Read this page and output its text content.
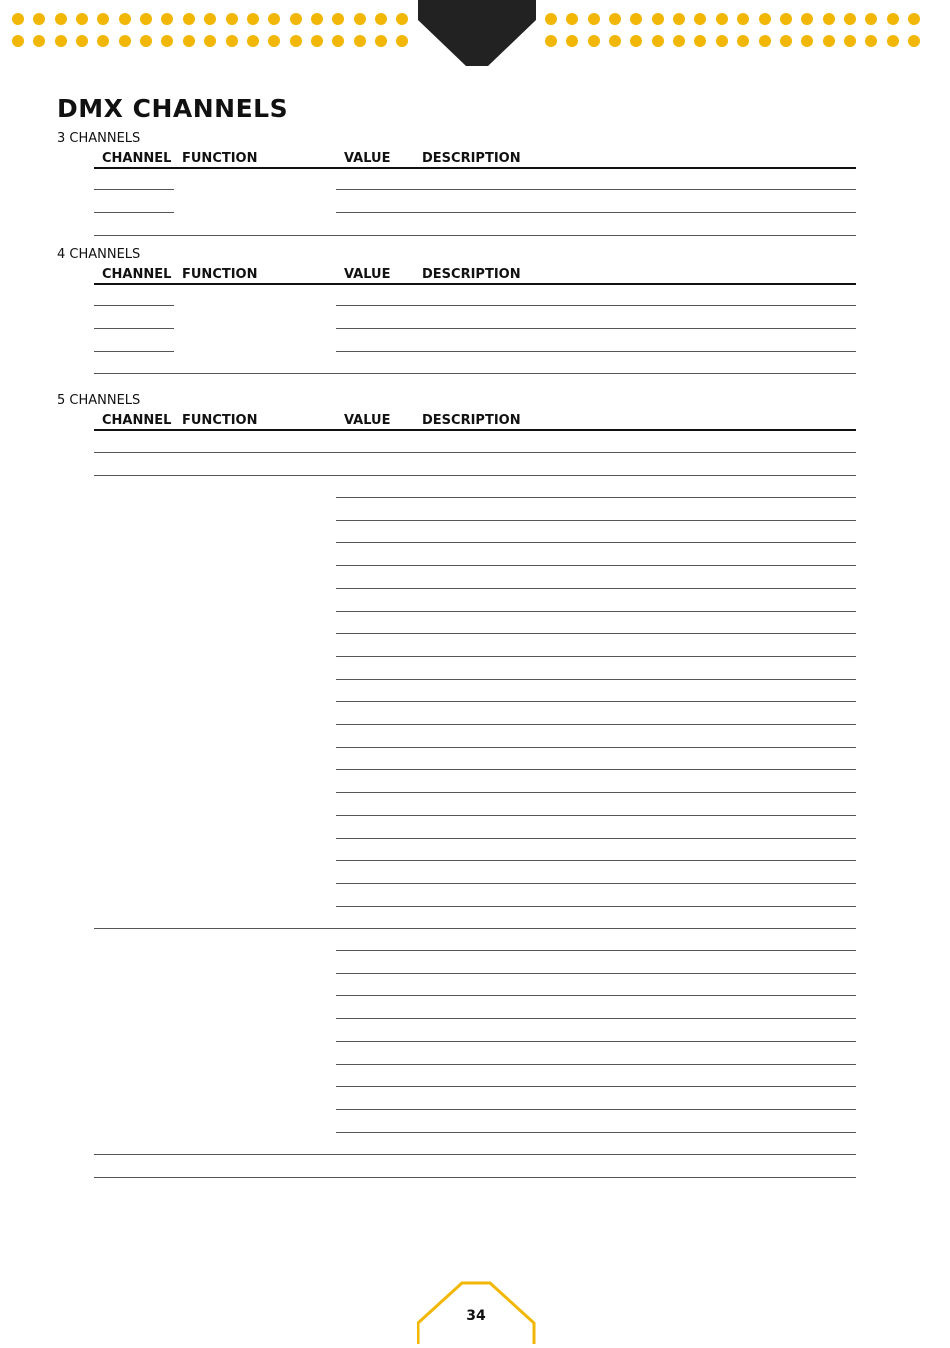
DMX CHANNELS
3 CHANNELS
CHANNEL FUNCTION	VALUE DESCRIPTION
4 CHANNELS
CHANNEL FUNCTION	VALUE DESCRIPTION
5 CHANNELS
CHANNEL FUNCTION	VALUE DESCRIPTION
34
